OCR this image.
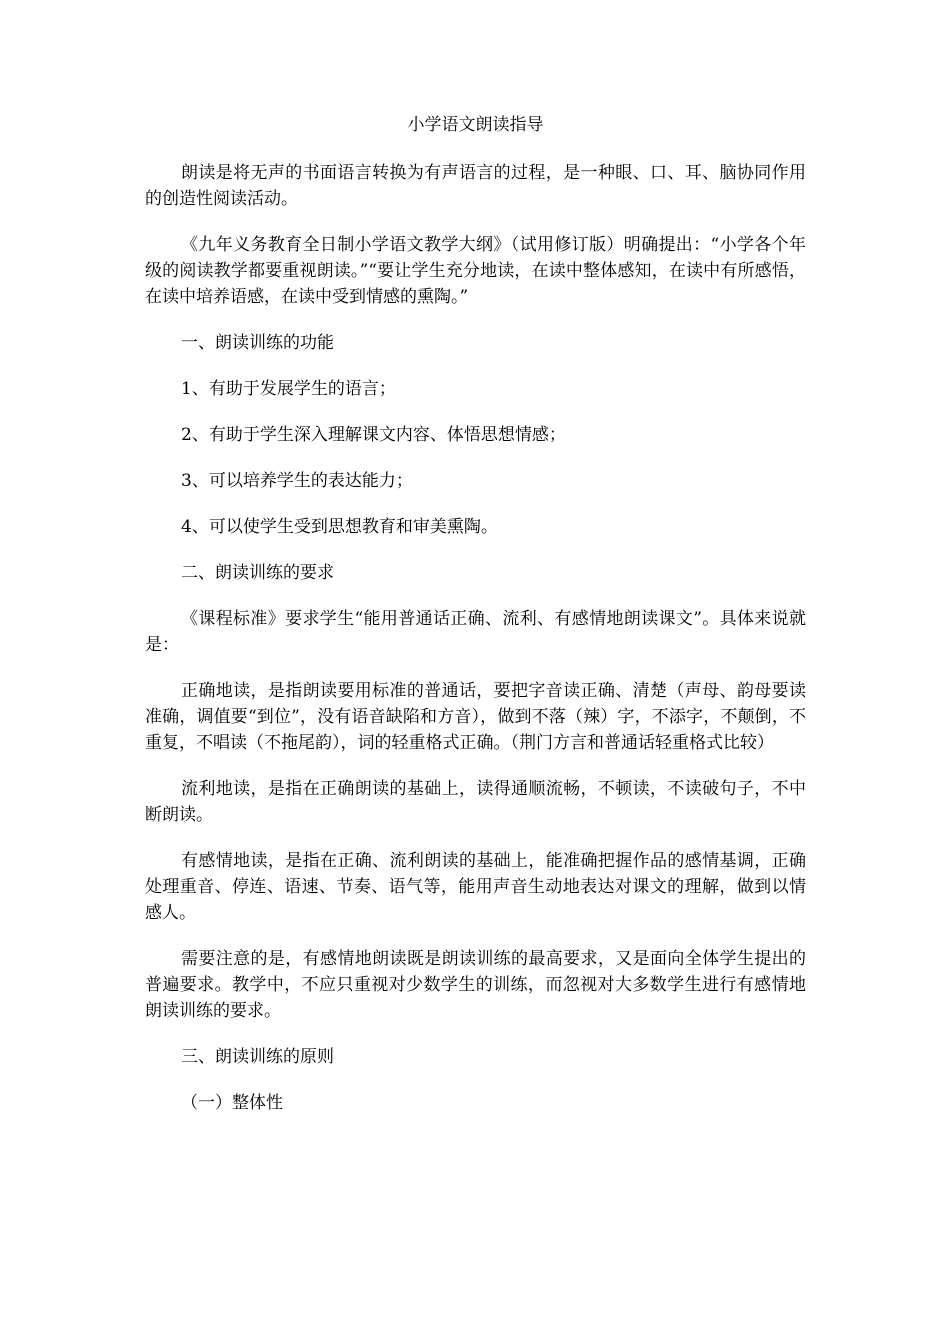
小学语文朗读指导

朗读是将无声的书面语言转换为有声语言的过程，是一种眼、口、耳、脑协同作用的创造性阅读活动。

《九年义务教育全日制小学语文教学大纲》（试用修订版）明确提出：“小学各个年级的阅读教学都要重视朗读。”“要让学生充分地读，在读中整体感知，在读中有所感悟，在读中培养语感，在读中受到情感的熏陶。”

一、朗读训练的功能

1、有助于发展学生的语言；

2、有助于学生深入理解课文内容、体悟思想情感；

3、可以培养学生的表达能力；

4、可以使学生受到思想教育和审美熏陶。

二、朗读训练的要求

《课程标准》要求学生“能用普通话正确、流利、有感情地朗读课文”。具体来说就是：

正确地读，是指朗读要用标准的普通话，要把字音读正确、清楚（声母、韵母要读准确，调值要“到位”，没有语音缺陷和方音），做到不落（辣）字，不添字，不颠倒，不重复，不唱读（不拖尾韵），词的轻重格式正确。（荆门方言和普通话轻重格式比较）

流利地读，是指在正确朗读的基础上，读得通顺流畅，不顿读，不读破句子，不中断朗读。

有感情地读，是指在正确、流利朗读的基础上，能准确把握作品的感情基调，正确处理重音、停连、语速、节奏、语气等，能用声音生动地表达对课文的理解，做到以情感人。

需要注意的是，有感情地朗读既是朗读训练的最高要求，又是面向全体学生提出的普遍要求。教学中，不应只重视对少数学生的训练，而忽视对大多数学生进行有感情地朗读训练的要求。

三、朗读训练的原则

（一）整体性
